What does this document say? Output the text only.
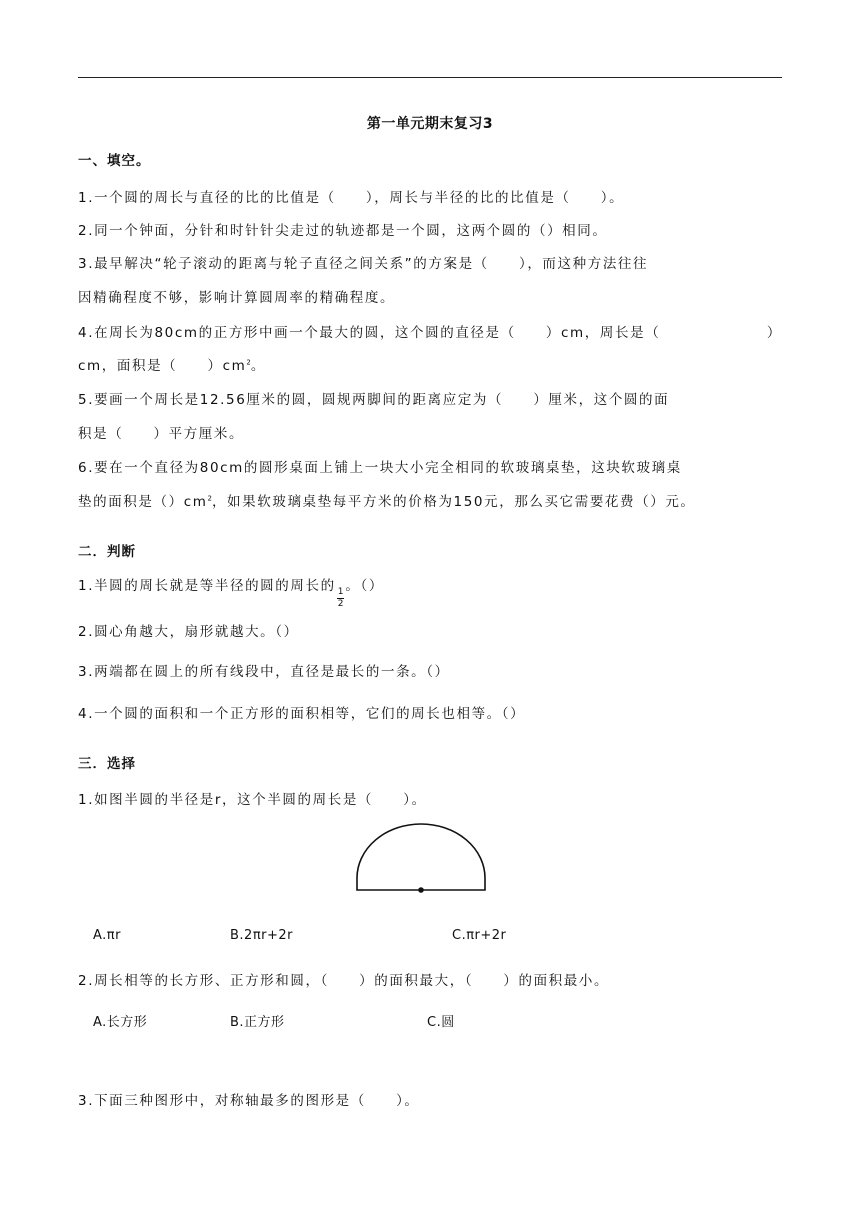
第一单元期末复习3
一、填空。
1.一个圆的周长与直径的比的比值是（　　），周长与半径的比的比值是（　　）。
2.同一个钟面，分针和时针针尖走过的轨迹都是一个圆，这两个圆的（）相同。
3.最早解决“轮子滚动的距离与轮子直径之间关系”的方案是（　　），而这种方法往往
因精确程度不够，影响计算圆周率的精确程度。
4.在周长为80cm的正方形中画一个最大的圆，这个圆的直径是（　　）cm，周长是（	）
cm，面积是（　　）$cm^2$。
5.要画一个周长是12.56厘米的圆，圆规两脚间的距离应定为（　　）厘米，这个圆的面
积是（　　）平方厘米。
6.要在一个直径为80cm的圆形桌面上铺上一块大小完全相同的软玻璃桌垫，这块软玻璃桌
垫的面积是$()cm^2$，如果软玻璃桌垫每平方米的价格为150元，那么买它需要花费（）元。
二．判断
1.半圆的周长就是等半径的圆的周长的
$\frac{1}{2}$
。（）
2.圆心角越大，扇形就越大。（）
3.两端都在圆上的所有线段中，直径是最长的一条。（）
4.一个圆的面积和一个正方形的面积相等，它们的周长也相等。（）
三．选择
1.如图半圆的半径是r，这个半圆的周长是（　　）。
A.πr	B.2πr+2r	C.πr+2r
2.周长相等的长方形、正方形和圆，（　　）的面积最大，（　　）的面积最小。
A.长方形	B.正方形	C.圆
3.下面三种图形中，对称轴最多的图形是（　　）。
